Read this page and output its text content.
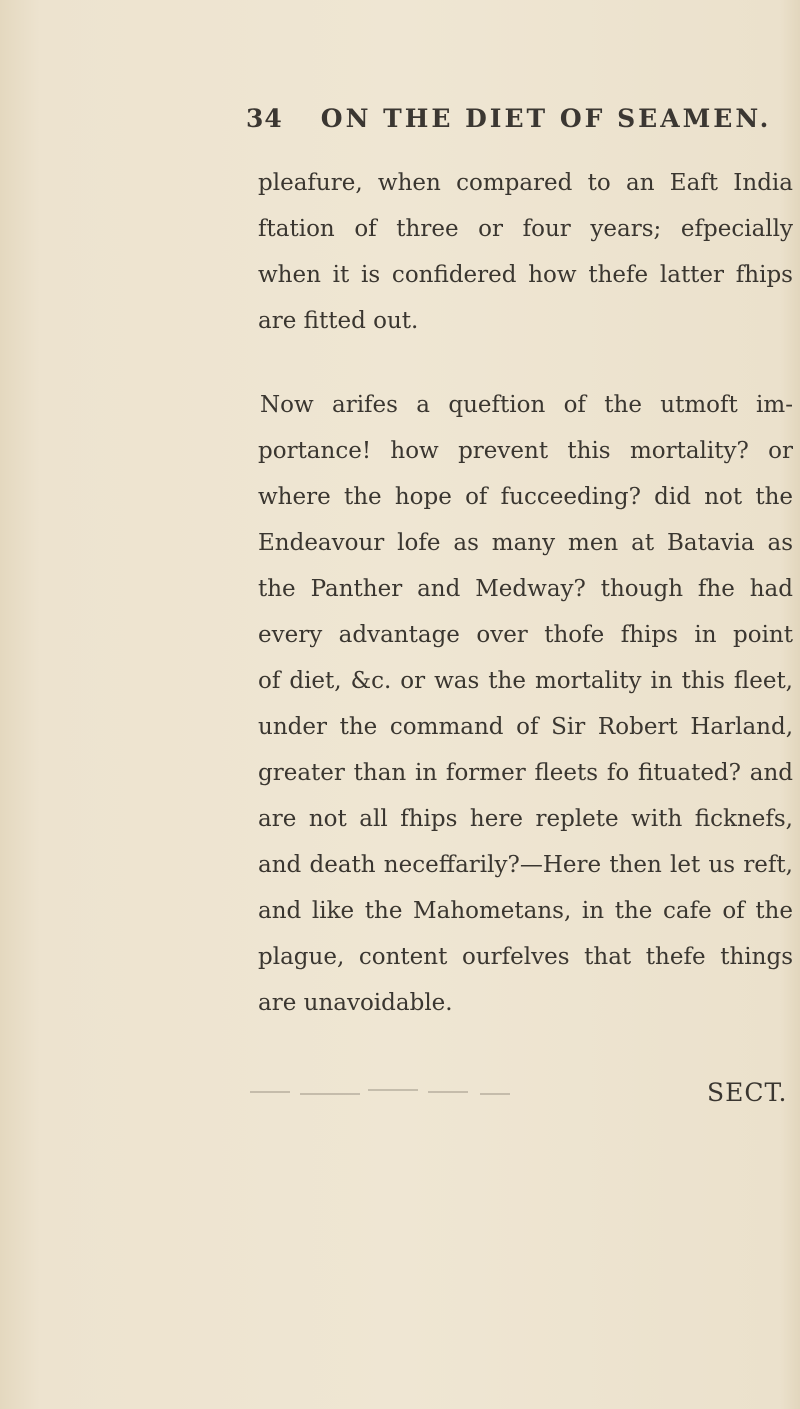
34 ON THE DIET OF SEAMEN.
pleafure, when compared to an Eaft India
ftation of three or four years; efpecially
when it is confidered how thefe latter fhips
are fitted out.
Now arifes a queftion of the utmoft im-
portance! how prevent this mortality? or
where the hope of fucceeding? did not the
Endeavour lofe as many men at Batavia as
the Panther and Medway? though fhe had
every advantage over thofe fhips in point
of diet, &c. or was the mortality in this fleet,
under the command of Sir Robert Harland,
greater than in former fleets fo fituated? and
are not all fhips here replete with ficknefs,
and death neceffarily?—Here then let us reft,
and like the Mahometans, in the cafe of the
plague, content ourfelves that thefe things
are unavoidable.
SECT.
